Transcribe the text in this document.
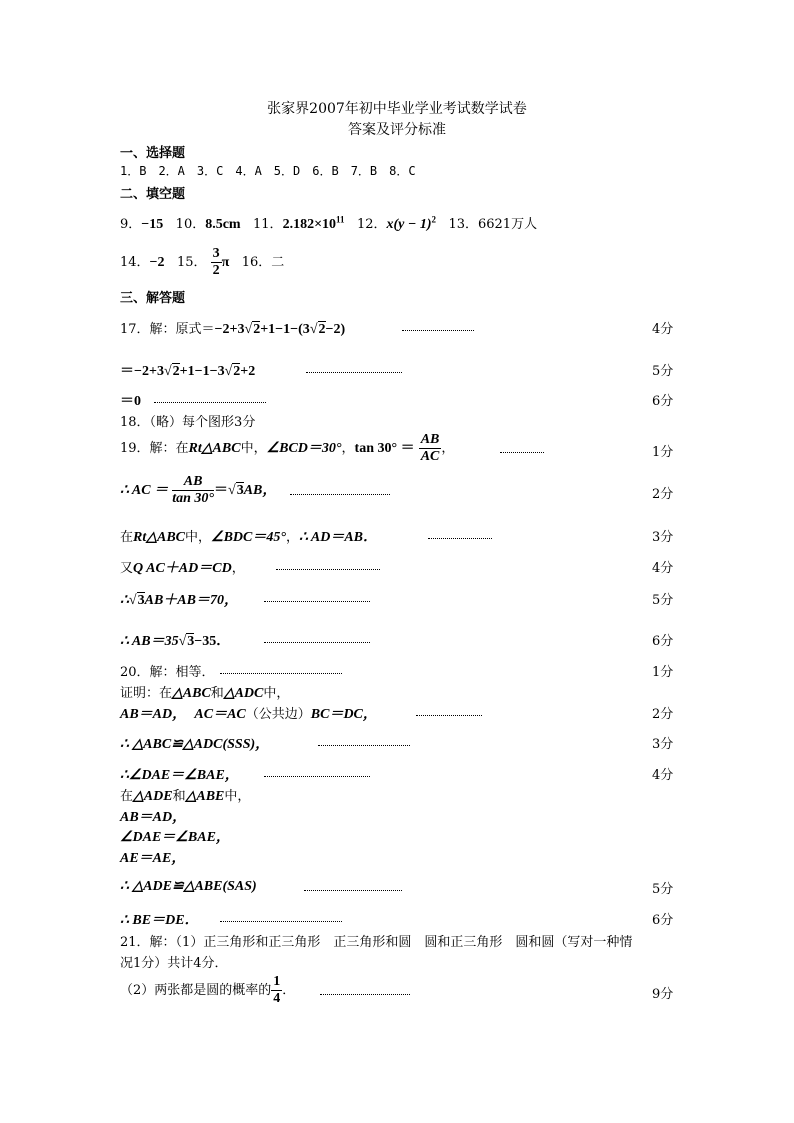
张家界2007年初中毕业学业考试数学试卷
答案及评分标准
一、选择题
1．B　2．A　3．C　4．A　5．D　6．B　7．B　8．C
二、填空题
9．−15 10．8.5cm 11．$2.182\times 10^{11}$ 12．$x(y - 1)^2$ 13．6621万人
14．−2 15． $\frac{3}{2}$ π 16．二
三、解答题
17．解：原式＝−2+3√2+1−1−(3√2−2)	4分
＝−2+3√2+1−1−3√2+2	5分
＝0	6分
18．（略）每个图形3分
19．解：在Rt△ABC中，∠BCD＝30°，$\tan 30^\circ = \frac{AB}{AC}$ ，	1分
∴ AC ＝ $\frac{AB}{\tan 30^\circ} =√3AB$，	2分
在Rt△ABC中，∠BDC＝45°，∴ AD＝AB．	3分
又Q AC＋AD＝CD，	4分
∴√3AB＋AB＝70，	5分
∴ AB＝35√3−35．	6分
20．解：相等．	1分
证明：在△ABC和△ADC中，
AB＝AD， AC＝AC（公共边）BC＝DC，	2分
∴ △ABC≌△ADC(SSS)，	3分
∴∠DAE＝∠BAE，	4分
在△ADE和△ABE中，
AB＝AD，
∠DAE＝∠BAE，
AE＝AE，
∴ △ADE≌△ABE(SAS)	5分
∴ BE＝DE．	6分
21．解：（1）正三角形和正三角形　正三角形和圆　圆和正三角形　圆和圆（写对一种情
况1分）共计4分．
（2）两张都是圆的概率的 $\frac{1}{4}$ ．	9分
